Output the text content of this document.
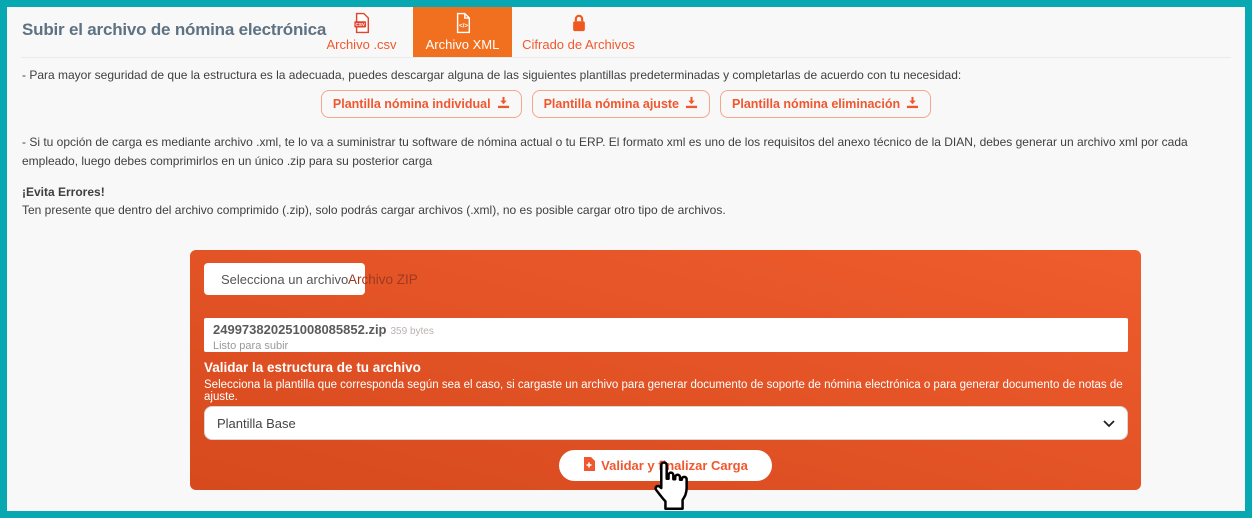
Subir el archivo de nómina electrónica	CSV
Archivo .csv
</>
Archivo XML Cifrado de Archivos

- Para mayor seguridad de que la estructura es la adecuada, puedes descargar alguna de las siguientes plantillas predeterminadas y completarlas de acuerdo con tu necesidad:

Plantilla nómina individual	Plantilla nómina ajuste	Plantilla nómina eliminación

- Si tu opción de carga es mediante archivo .xml, te lo va a suministrar tu software de nómina actual o tu ERP. El formato xml es uno de los requisitos del anexo técnico de la DIAN, debes generar un archivo xml por cada empleado, luego debes comprimirlos en un único .zip para su posterior carga

¡Evita Errores!

Ten presente que dentro del archivo comprimido (.zip), solo podrás cargar archivos (.xml), no es posible cargar otro tipo de archivos.

Selecciona un archivo Archivo ZIP
249973820251008085852.zip 359 bytes
Listo para subir
Validar la estructura de tu archivo
Selecciona la plantilla que corresponda según sea el caso, si cargaste un archivo para generar documento de soporte de nómina electrónica o para generar documento de notas de ajuste.
Plantilla Base
Validar y finalizar Carga
